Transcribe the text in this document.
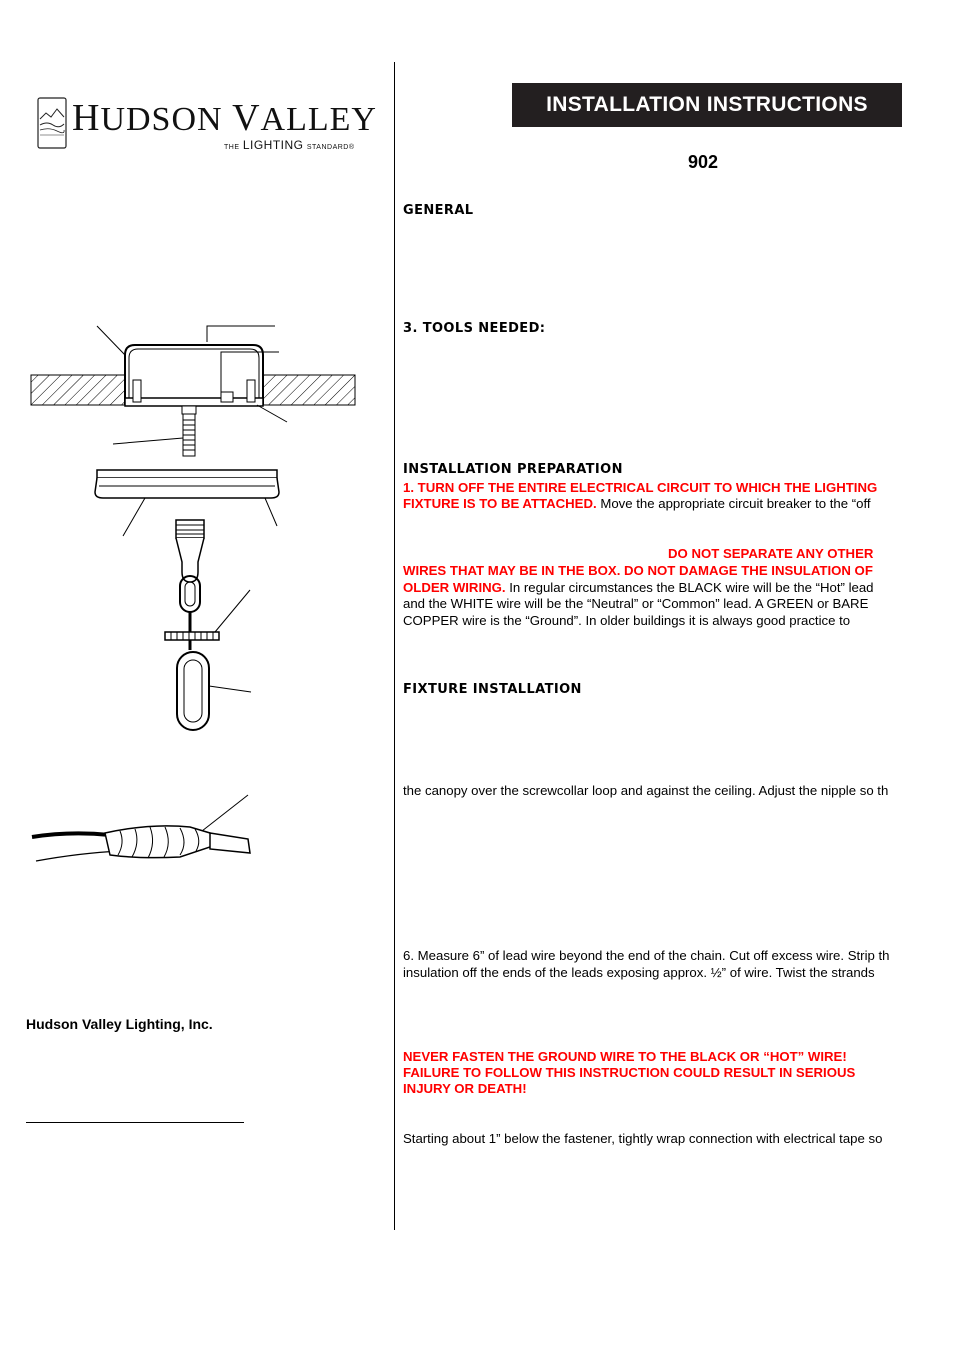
HUDSON VALLEY
THE LIGHTING STANDARD®
INSTALLATION INSTRUCTIONS
902
GENERAL
3. TOOLS NEEDED:
INSTALLATION PREPARATION
FIXTURE INSTALLATION
1. TURN OFF THE ENTIRE ELECTRICAL CIRCUIT TO WHICH THE LIGHTING
FIXTURE IS TO BE ATTACHED. Move the appropriate circuit breaker to the “off
DO NOT SEPARATE ANY OTHER
WIRES THAT MAY BE IN THE BOX. DO NOT DAMAGE THE INSULATION OF
OLDER WIRING. In regular circumstances the BLACK wire will be the “Hot” lead
and the WHITE wire will be the “Neutral” or “Common” lead. A GREEN or BARE
COPPER wire is the “Ground”. In older buildings it is always good practice to
the canopy over the screwcollar loop and against the ceiling. Adjust the nipple so th
6. Measure 6” of lead wire beyond the end of the chain. Cut off excess wire. Strip th
insulation off the ends of the leads exposing approx. ½” of wire. Twist the strands
NEVER FASTEN THE GROUND WIRE TO THE BLACK OR “HOT” WIRE!
FAILURE TO FOLLOW THIS INSTRUCTION COULD RESULT IN SERIOUS
INJURY OR DEATH!
Starting about 1” below the fastener, tightly wrap connection with electrical tape so
Hudson Valley Lighting, Inc.
